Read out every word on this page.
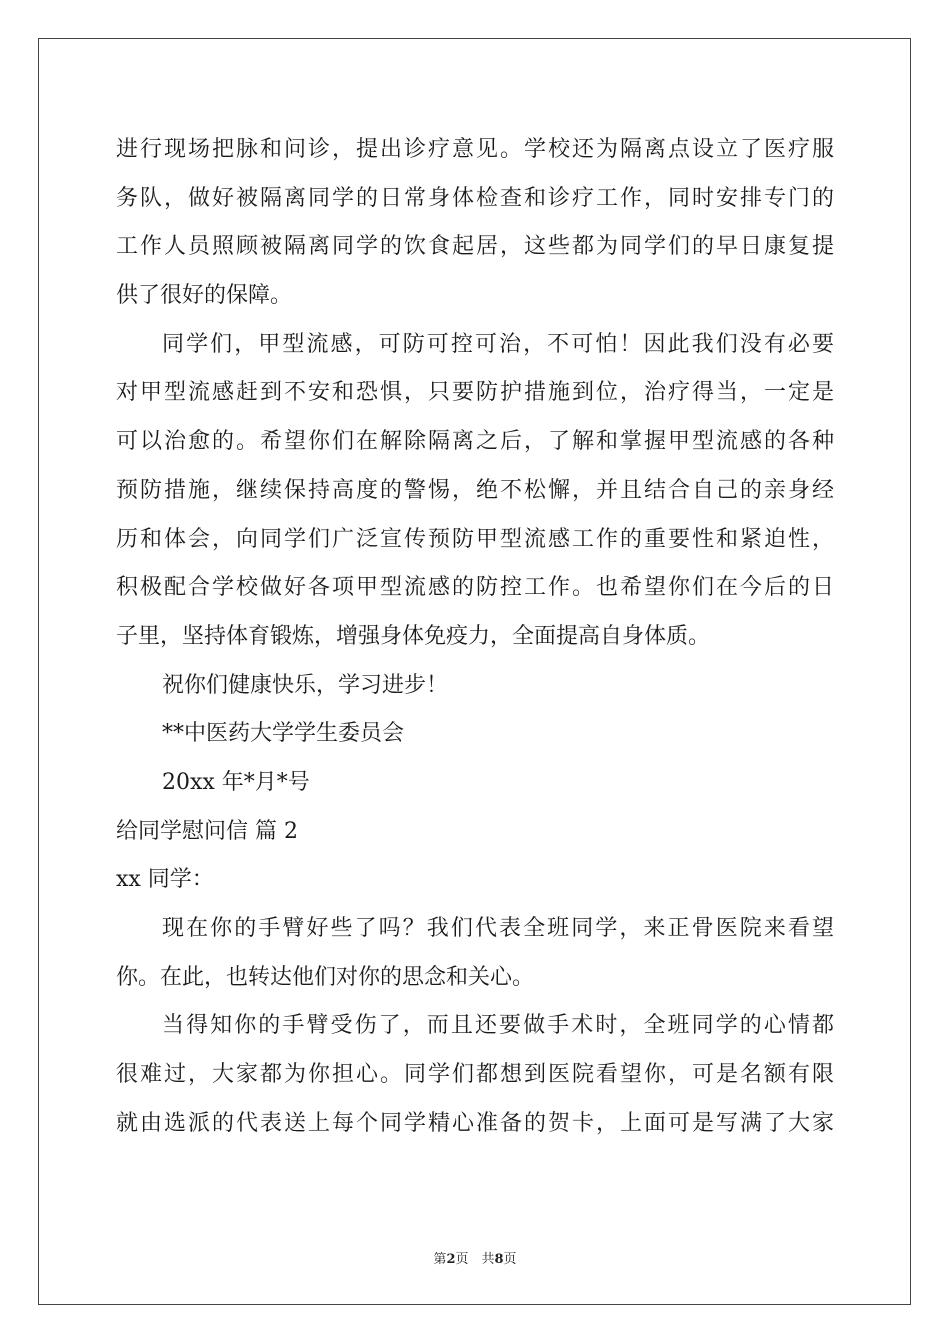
进行现场把脉和问诊，提出诊疗意见。学校还为隔离点设立了医疗服
务队，做好被隔离同学的日常身体检查和诊疗工作，同时安排专门的
工作人员照顾被隔离同学的饮食起居，这些都为同学们的早日康复提
供了很好的保障。
同学们，甲型流感，可防可控可治，不可怕！因此我们没有必要
对甲型流感赶到不安和恐惧，只要防护措施到位，治疗得当，一定是
可以治愈的。希望你们在解除隔离之后，了解和掌握甲型流感的各种
预防措施，继续保持高度的警惕，绝不松懈，并且结合自己的亲身经
历和体会，向同学们广泛宣传预防甲型流感工作的重要性和紧迫性，
积极配合学校做好各项甲型流感的防控工作。也希望你们在今后的日
子里，坚持体育锻炼，增强身体免疫力，全面提高自身体质。
祝你们健康快乐，学习进步！
**中医药大学学生委员会
20xx 年*月*号
给同学慰问信 篇 2
xx 同学：
现在你的手臂好些了吗？我们代表全班同学，来正骨医院来看望
你。在此，也转达他们对你的思念和关心。
当得知你的手臂受伤了，而且还要做手术时，全班同学的心情都
很难过，大家都为你担心。同学们都想到医院看望你，可是名额有限
就由选派的代表送上每个同学精心准备的贺卡，上面可是写满了大家
第2页　共8页
